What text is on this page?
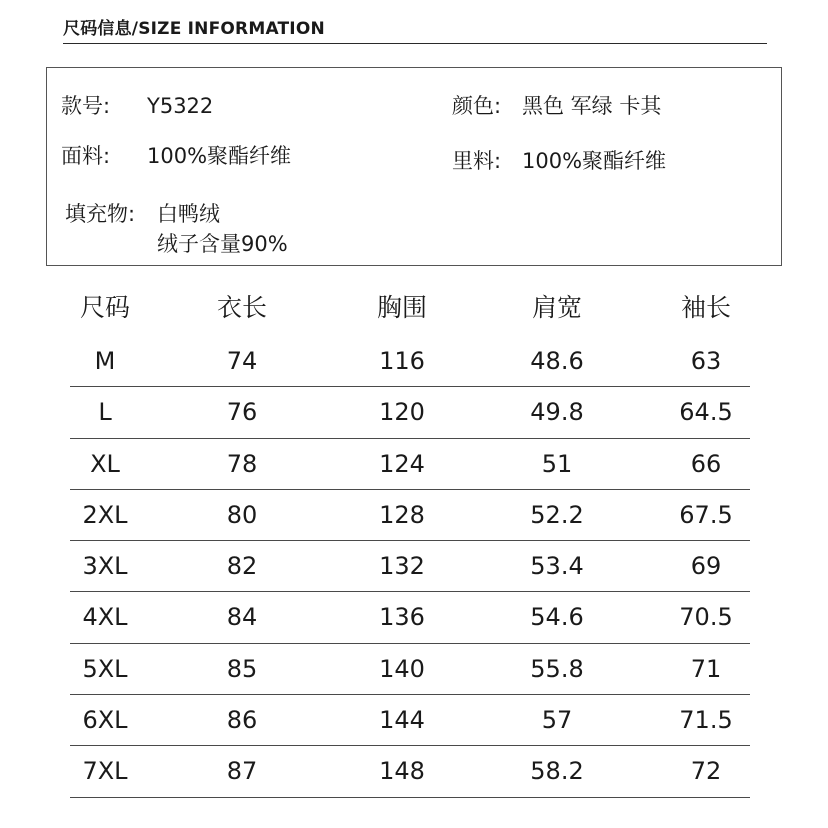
尺码信息/SIZE INFORMATION
款号: Y5322	颜色: 黑色 军绿 卡其
面料: 100%聚酯纤维	里料: 100%聚酯纤维
填充物: 白鸭绒
绒子含量90%
尺码	衣长	胸围	肩宽	袖长
M	74	116	48.6	63
L	76	120	49.8	64.5
XL	78	124	51	66
2XL	80	128	52.2	67.5
3XL	82	132	53.4	69
4XL	84	136	54.6	70.5
5XL	85	140	55.8	71
6XL	86	144	57	71.5
7XL	87	148	58.2	72
